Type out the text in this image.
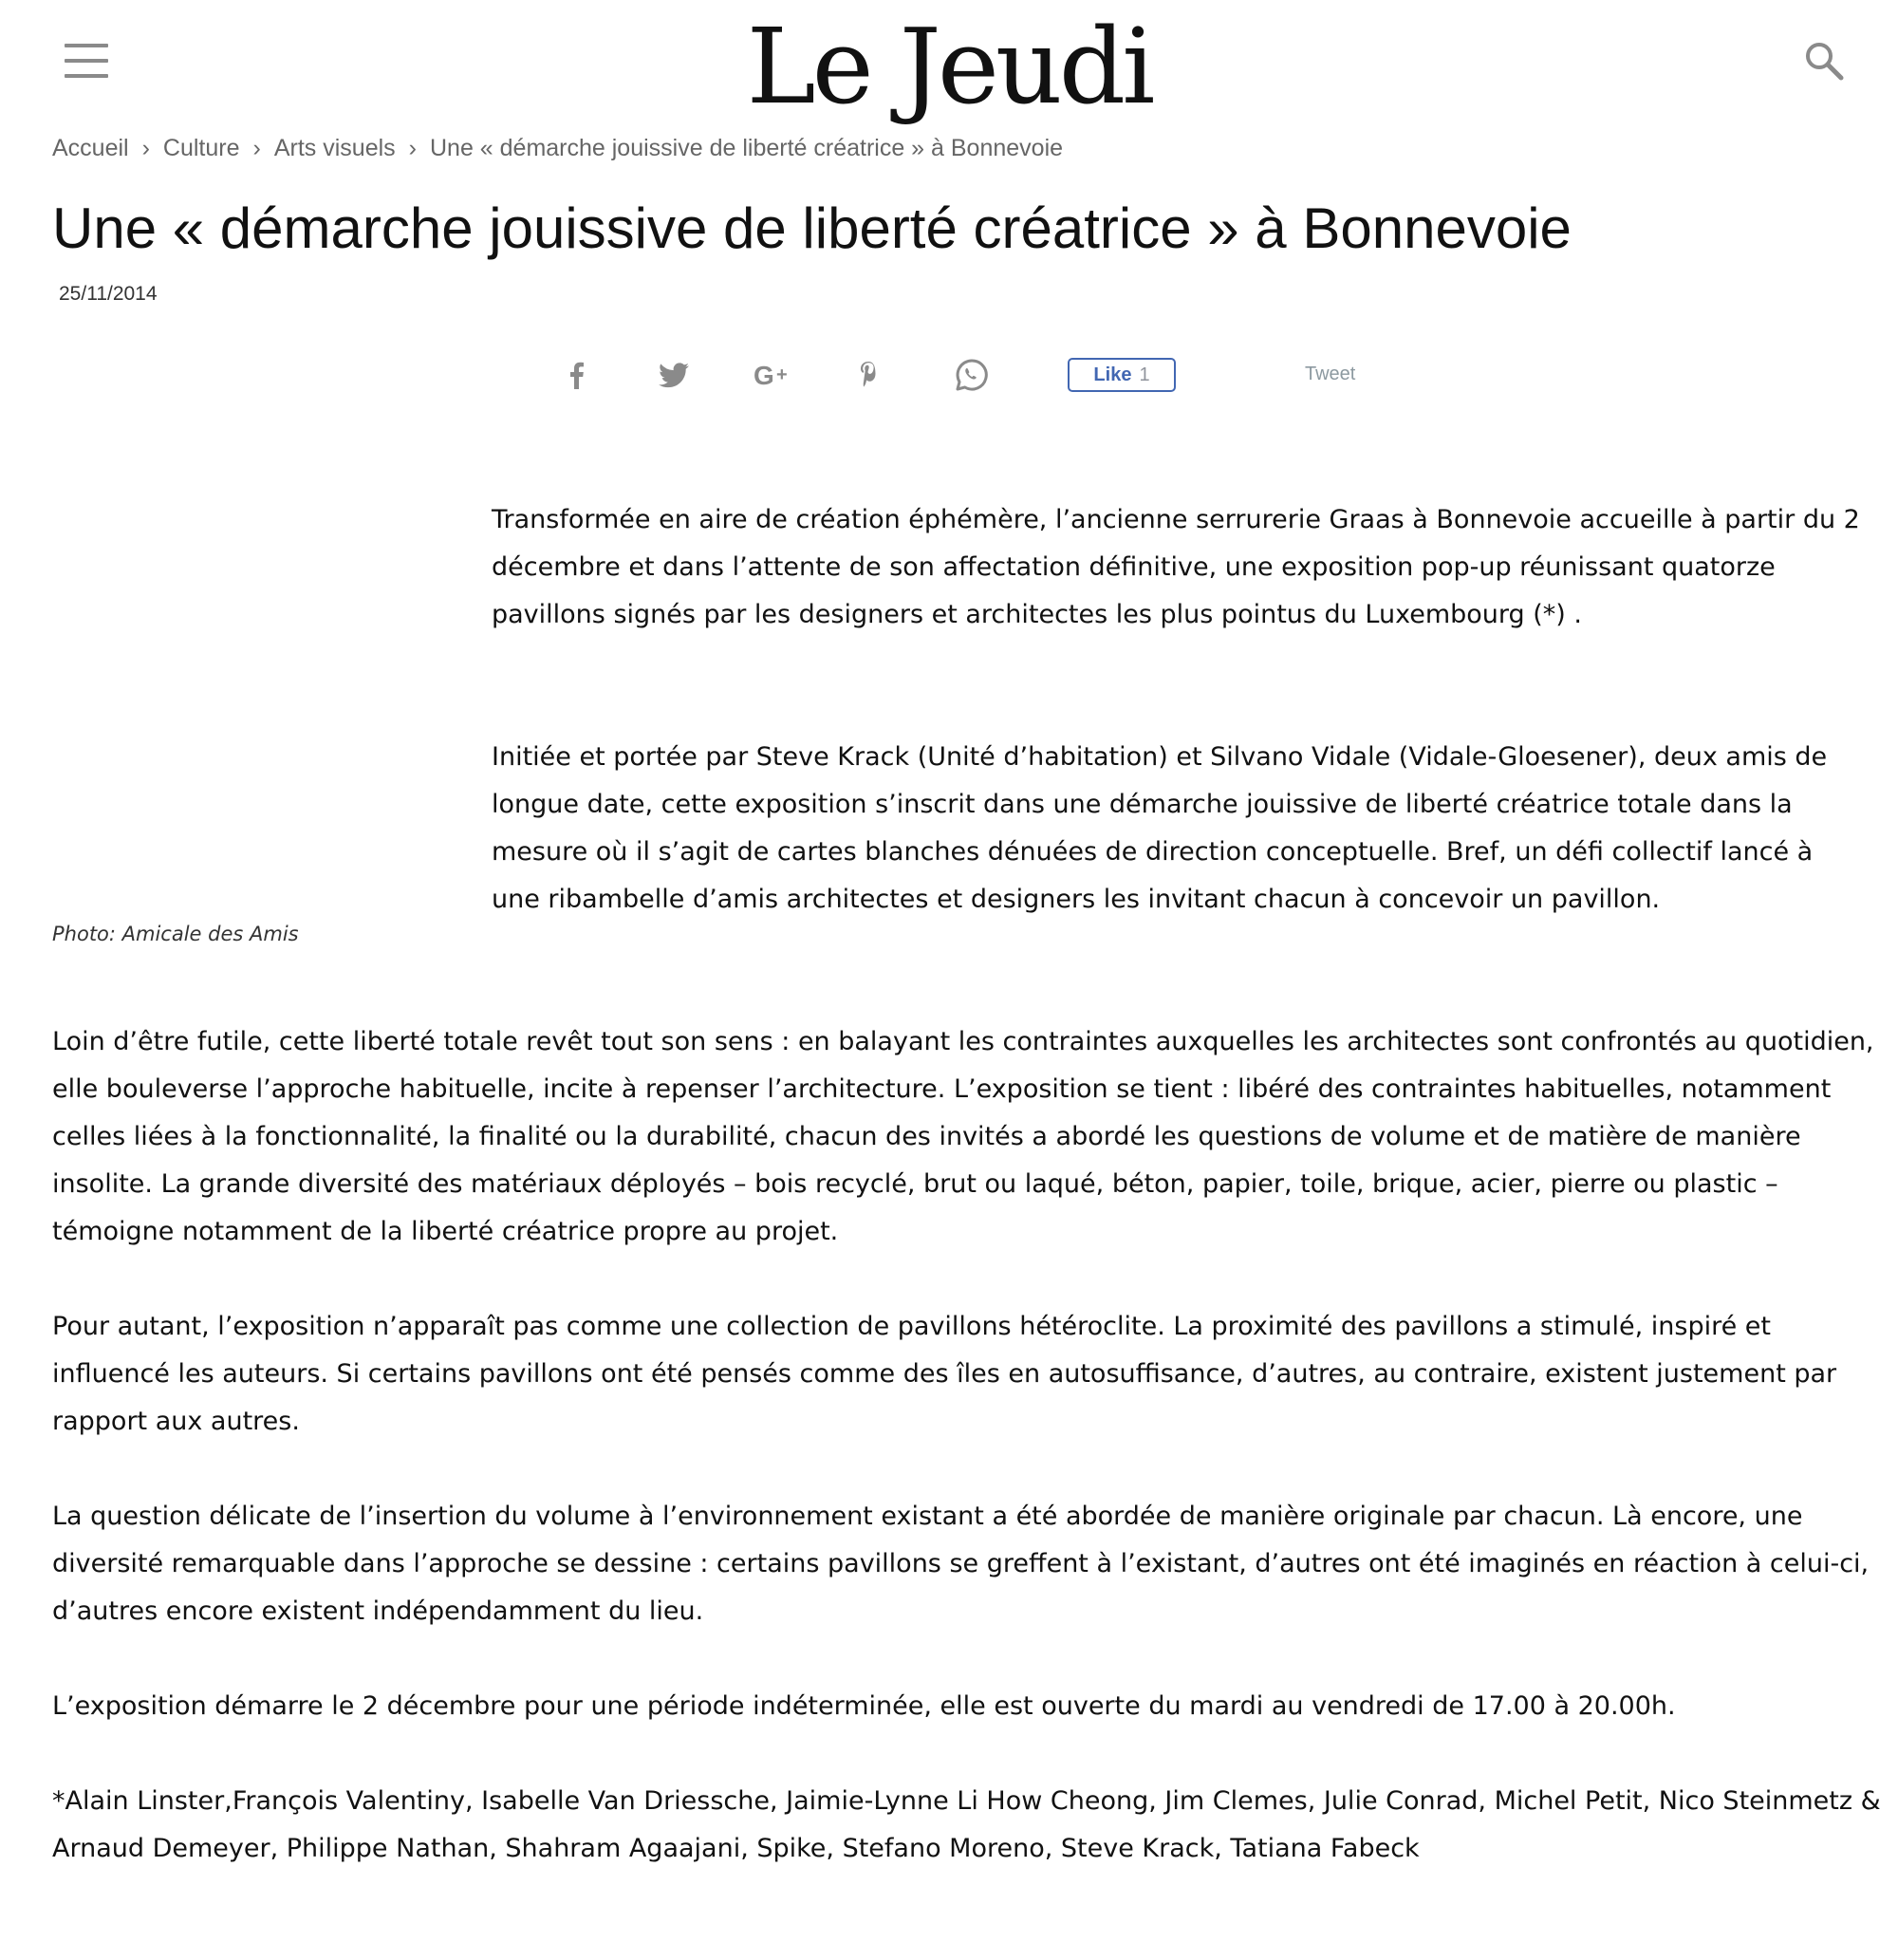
Le Jeudi
Accueil › Culture › Arts visuels › Une « démarche jouissive de liberté créatrice » à Bonnevoie
Une « démarche jouissive de liberté créatrice » à Bonnevoie
25/11/2014
G +	Like 1	Tweet
Photo: Amicale des Amis

Transformée en aire de création éphémère, l’ancienne serrurerie Graas à Bonnevoie accueille à partir du 2 décembre et dans l’attente de son affectation définitive, une exposition pop-up réunissant quatorze pavillons signés par les designers et architectes les plus pointus du Luxembourg (*) .

Initiée et portée par Steve Krack (Unité d’habitation) et Silvano Vidale (Vidale-Gloesener), deux amis de longue date, cette exposition s’inscrit dans une démarche jouissive de liberté créatrice totale dans la mesure où il s’agit de cartes blanches dénuées de direction conceptuelle. Bref, un défi collectif lancé à une ribambelle d’amis architectes et designers les invitant chacun à concevoir un pavillon.

Loin d’être futile, cette liberté totale revêt tout son sens : en balayant les contraintes auxquelles les architectes sont confrontés au quotidien, elle bouleverse l’approche habituelle, incite à repenser l’architecture. L’exposition se tient : libéré des contraintes habituelles, notamment celles liées à la fonctionnalité, la finalité ou la durabilité, chacun des invités a abordé les questions de volume et de matière de manière insolite. La grande diversité des matériaux déployés – bois recyclé, brut ou laqué, béton, papier, toile, brique, acier, pierre ou plastic – témoigne notamment de la liberté créatrice propre au projet.

Pour autant, l’exposition n’apparaît pas comme une collection de pavillons hétéroclite. La proximité des pavillons a stimulé, inspiré et influencé les auteurs. Si certains pavillons ont été pensés comme des îles en autosuffisance, d’autres, au contraire, existent justement par rapport aux autres.

La question délicate de l’insertion du volume à l’environnement existant a été abordée de manière originale par chacun. Là encore, une diversité remarquable dans l’approche se dessine : certains pavillons se greffent à l’existant, d’autres ont été imaginés en réaction à celui-ci, d’autres encore existent indépendamment du lieu.

L’exposition démarre le 2 décembre pour une période indéterminée, elle est ouverte du mardi au vendredi de 17.00 à 20.00h.

*Alain Linster,François Valentiny, Isabelle Van Driessche, Jaimie-Lynne Li How Cheong, Jim Clemes, Julie Conrad, Michel Petit, Nico Steinmetz & Arnaud Demeyer, Philippe Nathan, Shahram Agaajani, Spike, Stefano Moreno, Steve Krack, Tatiana Fabeck
